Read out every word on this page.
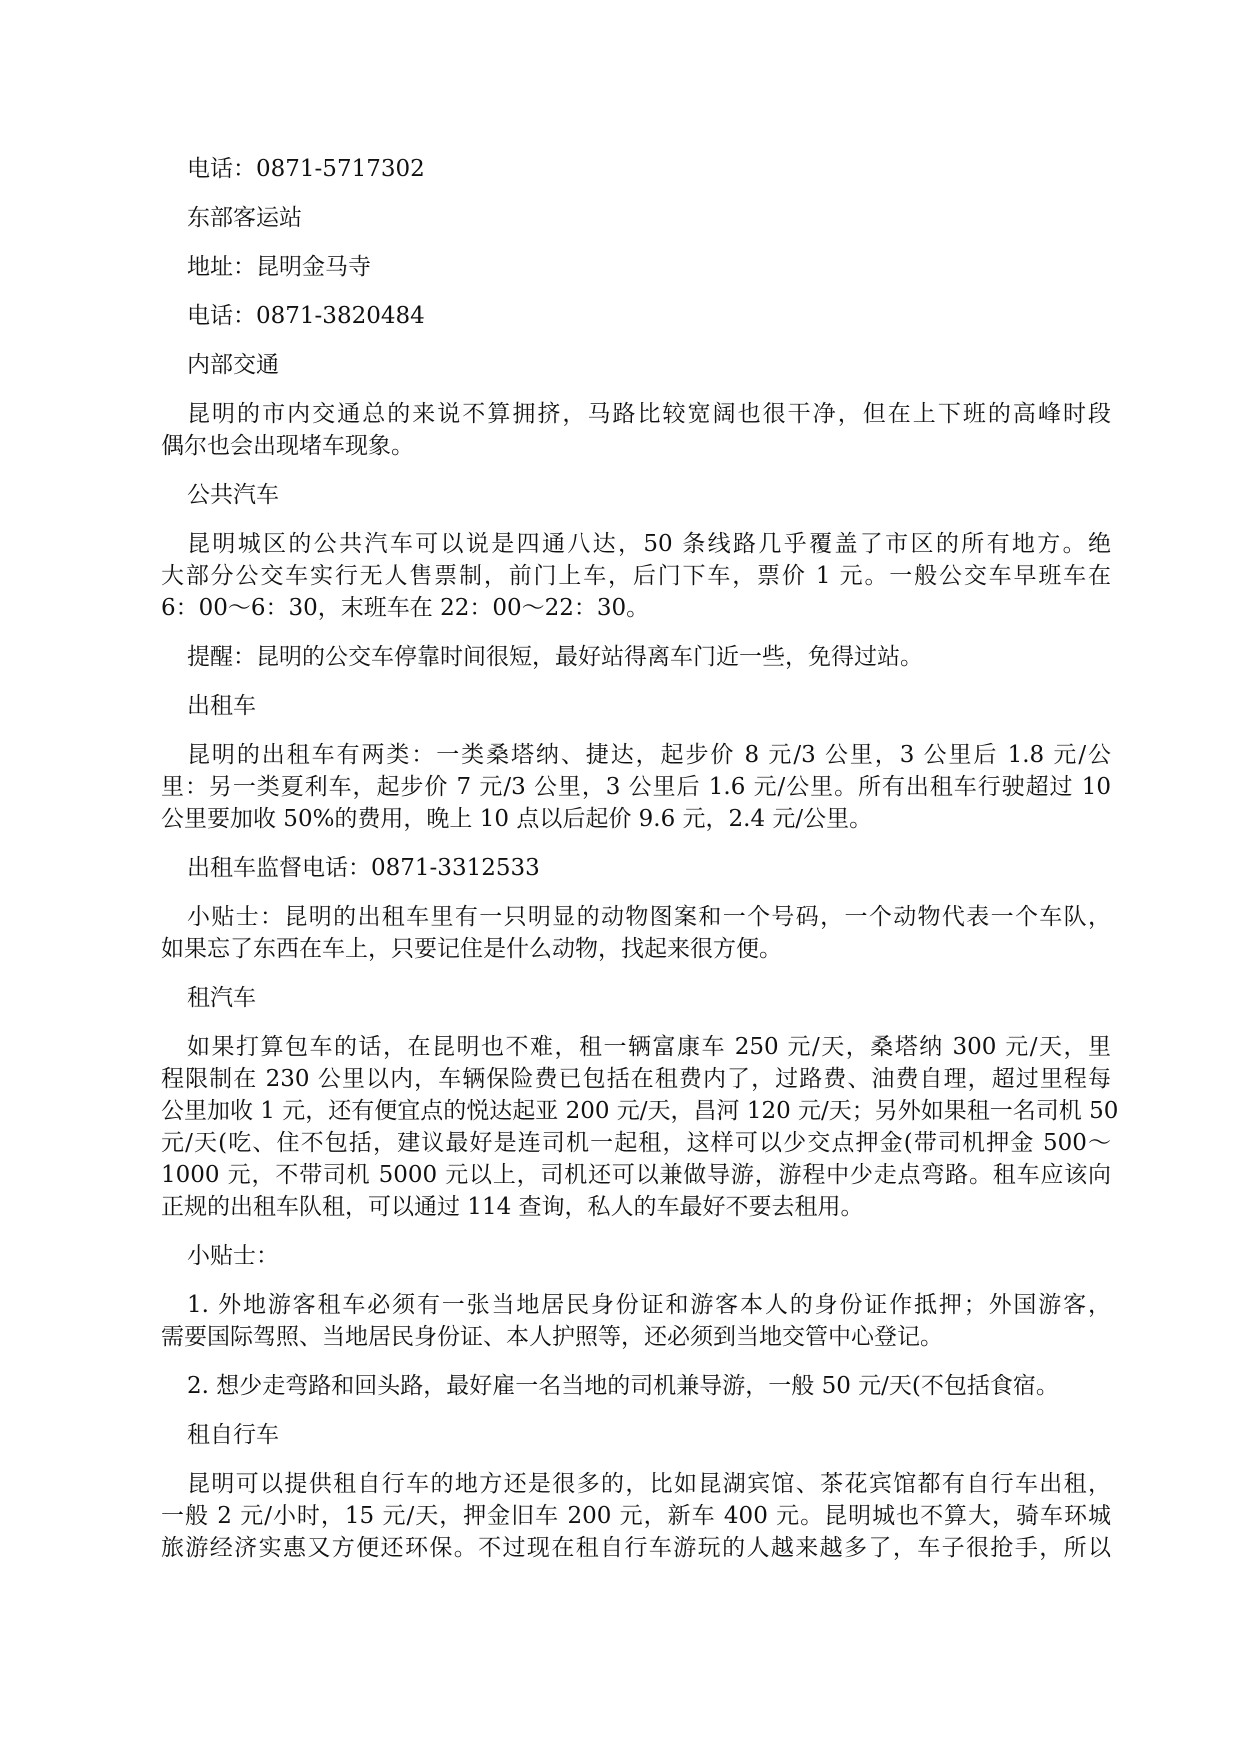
电话：0871-5717302
东部客运站
地址：昆明金马寺
电话：0871-3820484
内部交通
昆明的市内交通总的来说不算拥挤，马路比较宽阔也很干净，但在上下班的高峰时段
偶尔也会出现堵车现象。
公共汽车
昆明城区的公共汽车可以说是四通八达，50 条线路几乎覆盖了市区的所有地方。绝
大部分公交车实行无人售票制，前门上车，后门下车，票价 1 元。一般公交车早班车在
6：00～6：30，末班车在 22：00～22：30。
提醒：昆明的公交车停靠时间很短，最好站得离车门近一些，免得过站。
出租车
昆明的出租车有两类：一类桑塔纳、捷达，起步价 8 元/3 公里，3 公里后 1.8 元/公
里：另一类夏利车，起步价 7 元/3 公里，3 公里后 1.6 元/公里。所有出租车行驶超过 10
公里要加收 50%的费用，晚上 10 点以后起价 9.6 元，2.4 元/公里。
出租车监督电话：0871-3312533
小贴士：昆明的出租车里有一只明显的动物图案和一个号码，一个动物代表一个车队，
如果忘了东西在车上，只要记住是什么动物，找起来很方便。
租汽车
如果打算包车的话，在昆明也不难，租一辆富康车 250 元/天，桑塔纳 300 元/天，里
程限制在 230 公里以内，车辆保险费已包括在租费内了，过路费、油费自理，超过里程每
公里加收 1 元，还有便宜点的悦达起亚 200 元/天，昌河 120 元/天；另外如果租一名司机 50
元/天(吃、住不包括，建议最好是连司机一起租，这样可以少交点押金(带司机押金 500～
1000 元，不带司机 5000 元以上，司机还可以兼做导游，游程中少走点弯路。租车应该向
正规的出租车队租，可以通过 114 查询，私人的车最好不要去租用。
小贴士：
1. 外地游客租车必须有一张当地居民身份证和游客本人的身份证作抵押；外国游客，
需要国际驾照、当地居民身份证、本人护照等，还必须到当地交管中心登记。
2. 想少走弯路和回头路，最好雇一名当地的司机兼导游，一般 50 元/天(不包括食宿。
租自行车
昆明可以提供租自行车的地方还是很多的，比如昆湖宾馆、茶花宾馆都有自行车出租，
一般 2 元/小时，15 元/天，押金旧车 200 元，新车 400 元。昆明城也不算大，骑车环城
旅游经济实惠又方便还环保。不过现在租自行车游玩的人越来越多了，车子很抢手，所以
